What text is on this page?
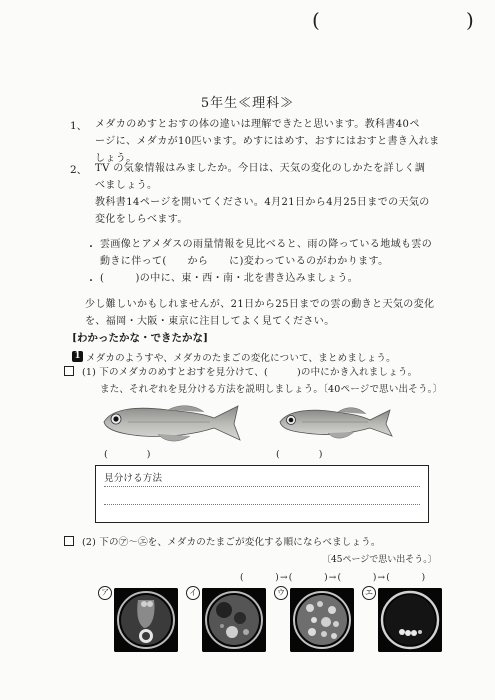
(	)
5年生≪理科≫
1、 メダカのめすとおすの体の違いは理解できたと思います。教科書40ペ
ージに、メダカが10匹います。めすにはめす、おすにはおすと書き入れま
しょう。
2、 TV の気象情報はみましたか。今日は、天気の変化のしかたを詳しく調
べましょう。
教科書14ページを開いてください。4月21日から4月25日までの天気の
変化をしらべます。
・ 雲画像とアメダスの雨量情報を見比べると、雨の降っている地域も雲の
動きに伴って(　　から　　に)変わっているのがわかります。
・ (　　　)の中に、東・西・南・北を書き込みましょう。
少し難しいかもしれませんが、21日から25日までの雲の動きと天気の変化
を、福岡・大阪・東京に注目してよく見てください。
[わかったかな・できたかな]
1 メダカのようすや、メダカのたまごの変化について、まとめましょう。
(1) 下のメダカのめすとおすを見分けて、(　　　)の中にかき入れましょう。
また、それぞれを見分ける方法を説明しましょう。〔40ページで思い出そう。〕
(　　　　)	(　　　　)
見分ける方法
(2) 下の㋐〜㋓を、メダカのたまごが変化する順にならべましょう。
〔45ページで思い出そう。〕
(　　　)→(　　　)→(　　　)→(　　　)
ア	イ	ウ	エ
